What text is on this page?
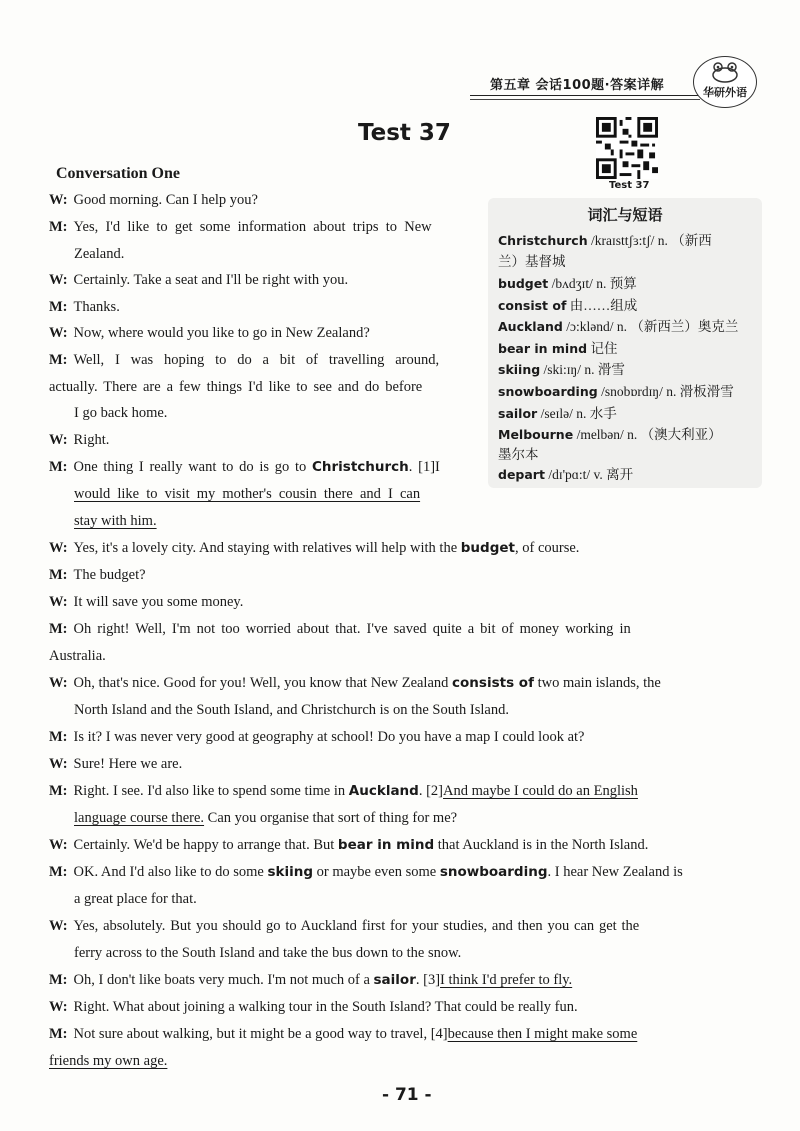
第五章 会话100题·答案详解	华研外语
Test 37
Test 37
词汇与短语
Christchurch /kraɪsttʃɜ:tʃ/ n. （新西
兰）基督城
budget /bʌdʒɪt/ n. 预算
consist of 由……组成
Auckland /ɔ:klənd/ n. （新西兰）奥克兰
bear in mind 记住
skiing /ski:ɪŋ/ n. 滑雪
snowboarding /snobɒrdɪŋ/ n. 滑板滑雪
sailor /seɪlə/ n. 水手
Melbourne /melbən/ n. （澳大利亚）
墨尔本
depart /dɪ'pɑ:t/ v. 离开
Conversation One
W: Good morning. Can I help you?
M: Yes, I'd like to get some information about trips to New
Zealand.
W: Certainly. Take a seat and I'll be right with you.
M: Thanks.
W: Now, where would you like to go in New Zealand?
M: Well, I was hoping to do a bit of travelling around,
actually. There are a few things I'd like to see and do before
I go back home.
W: Right.
M: One thing I really want to do is go to Christchurch. [1]I
would like to visit my mother's cousin there and I can
stay with him.
W: Yes, it's a lovely city. And staying with relatives will help with the budget, of course.
M: The budget?
W: It will save you some money.
M: Oh right! Well, I'm not too worried about that. I've saved quite a bit of money working in
Australia.
W: Oh, that's nice. Good for you! Well, you know that New Zealand consists of two main islands, the
North Island and the South Island, and Christchurch is on the South Island.
M: Is it? I was never very good at geography at school! Do you have a map I could look at?
W: Sure! Here we are.
M: Right. I see. I'd also like to spend some time in Auckland. [2]And maybe I could do an English
language course there. Can you organise that sort of thing for me?
W: Certainly. We'd be happy to arrange that. But bear in mind that Auckland is in the North Island.
M: OK. And I'd also like to do some skiing or maybe even some snowboarding. I hear New Zealand is
a great place for that.
W: Yes, absolutely. But you should go to Auckland first for your studies, and then you can get the
ferry across to the South Island and take the bus down to the snow.
M: Oh, I don't like boats very much. I'm not much of a sailor. [3]I think I'd prefer to fly.
W: Right. What about joining a walking tour in the South Island? That could be really fun.
M: Not sure about walking, but it might be a good way to travel, [4]because then I might make some
friends my own age.
- 71 -
